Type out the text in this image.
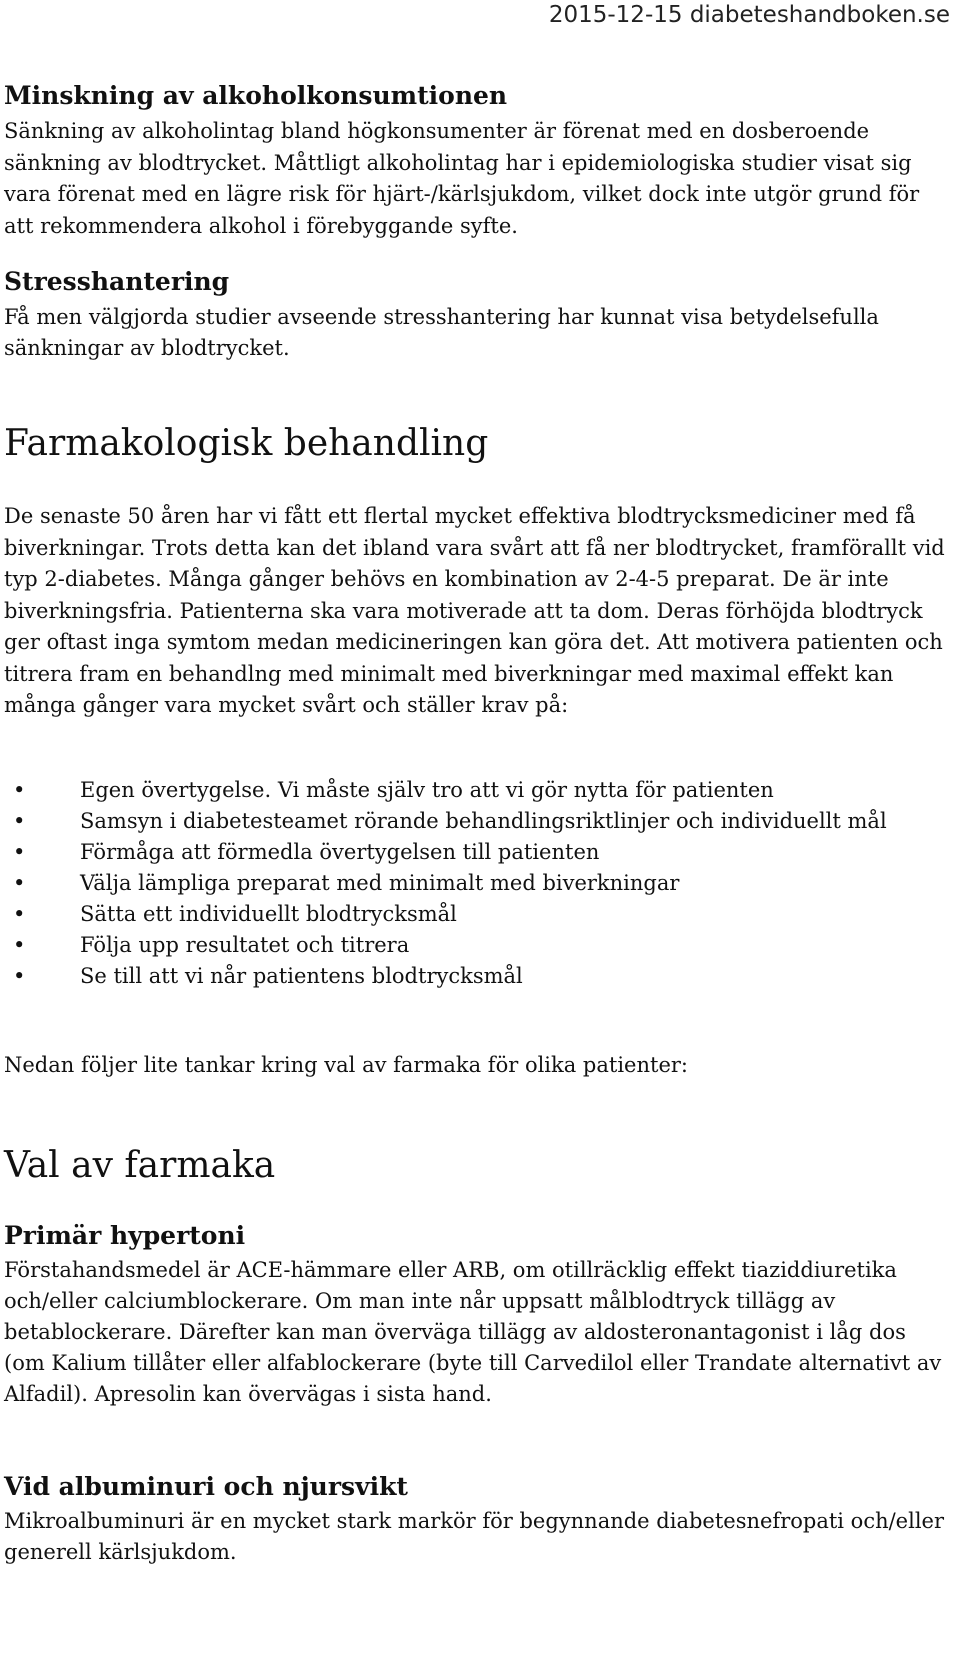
2015-12-15 diabeteshandboken.se
Minskning av alkoholkonsumtionen

Sänkning av alkoholintag bland högkonsumenter är förenat med en dosberoende sänkning av blodtrycket. Måttligt alkoholintag har i epidemiologiska studier visat sig vara förenat med en lägre risk för hjärt-/kärlsjukdom, vilket dock inte utgör grund för att rekommendera alkohol i förebyggande syfte.

Stresshantering

Få men välgjorda studier avseende stresshantering har kunnat visa betydelsefulla sänkningar av blodtrycket.

Farmakologisk behandling

De senaste 50 åren har vi fått ett flertal mycket effektiva blodtrycksmediciner med få biverkningar. Trots detta kan det ibland vara svårt att få ner blodtrycket, framförallt vid typ 2-diabetes. Många gånger behövs en kombination av 2-4-5 preparat. De är inte biverkningsfria. Patienterna ska vara motiverade att ta dom. Deras förhöjda blodtryck ger oftast inga symtom medan medicineringen kan göra det. Att motivera patienten och titrera fram en behandlng med minimalt med biverkningar med maximal effekt kan många gånger vara mycket svårt och ställer krav på:

•	Egen övertygelse. Vi måste själv tro att vi gör nytta för patienten
•	Samsyn i diabetesteamet rörande behandlingsriktlinjer och individuellt mål
•	Förmåga att förmedla övertygelsen till patienten
•	Välja lämpliga preparat med minimalt med biverkningar
•	Sätta ett individuellt blodtrycksmål
•	Följa upp resultatet och titrera
•	Se till att vi når patientens blodtrycksmål

Nedan följer lite tankar kring val av farmaka för olika patienter:

Val av farmaka
Primär hypertoni

Förstahandsmedel är ACE-hämmare eller ARB, om otillräcklig effekt tiaziddiuretika och/eller calciumblockerare. Om man inte når uppsatt målblodtryck tillägg av betablockerare. Därefter kan man överväga tillägg av aldosteronantagonist i låg dos (om Kalium tillåter eller alfablockerare (byte till Carvedilol eller Trandate alternativt av Alfadil). Apresolin kan övervägas i sista hand.

Vid albuminuri och njursvikt

Mikroalbuminuri är en mycket stark markör för begynnande diabetesnefropati och/eller generell kärlsjukdom.
